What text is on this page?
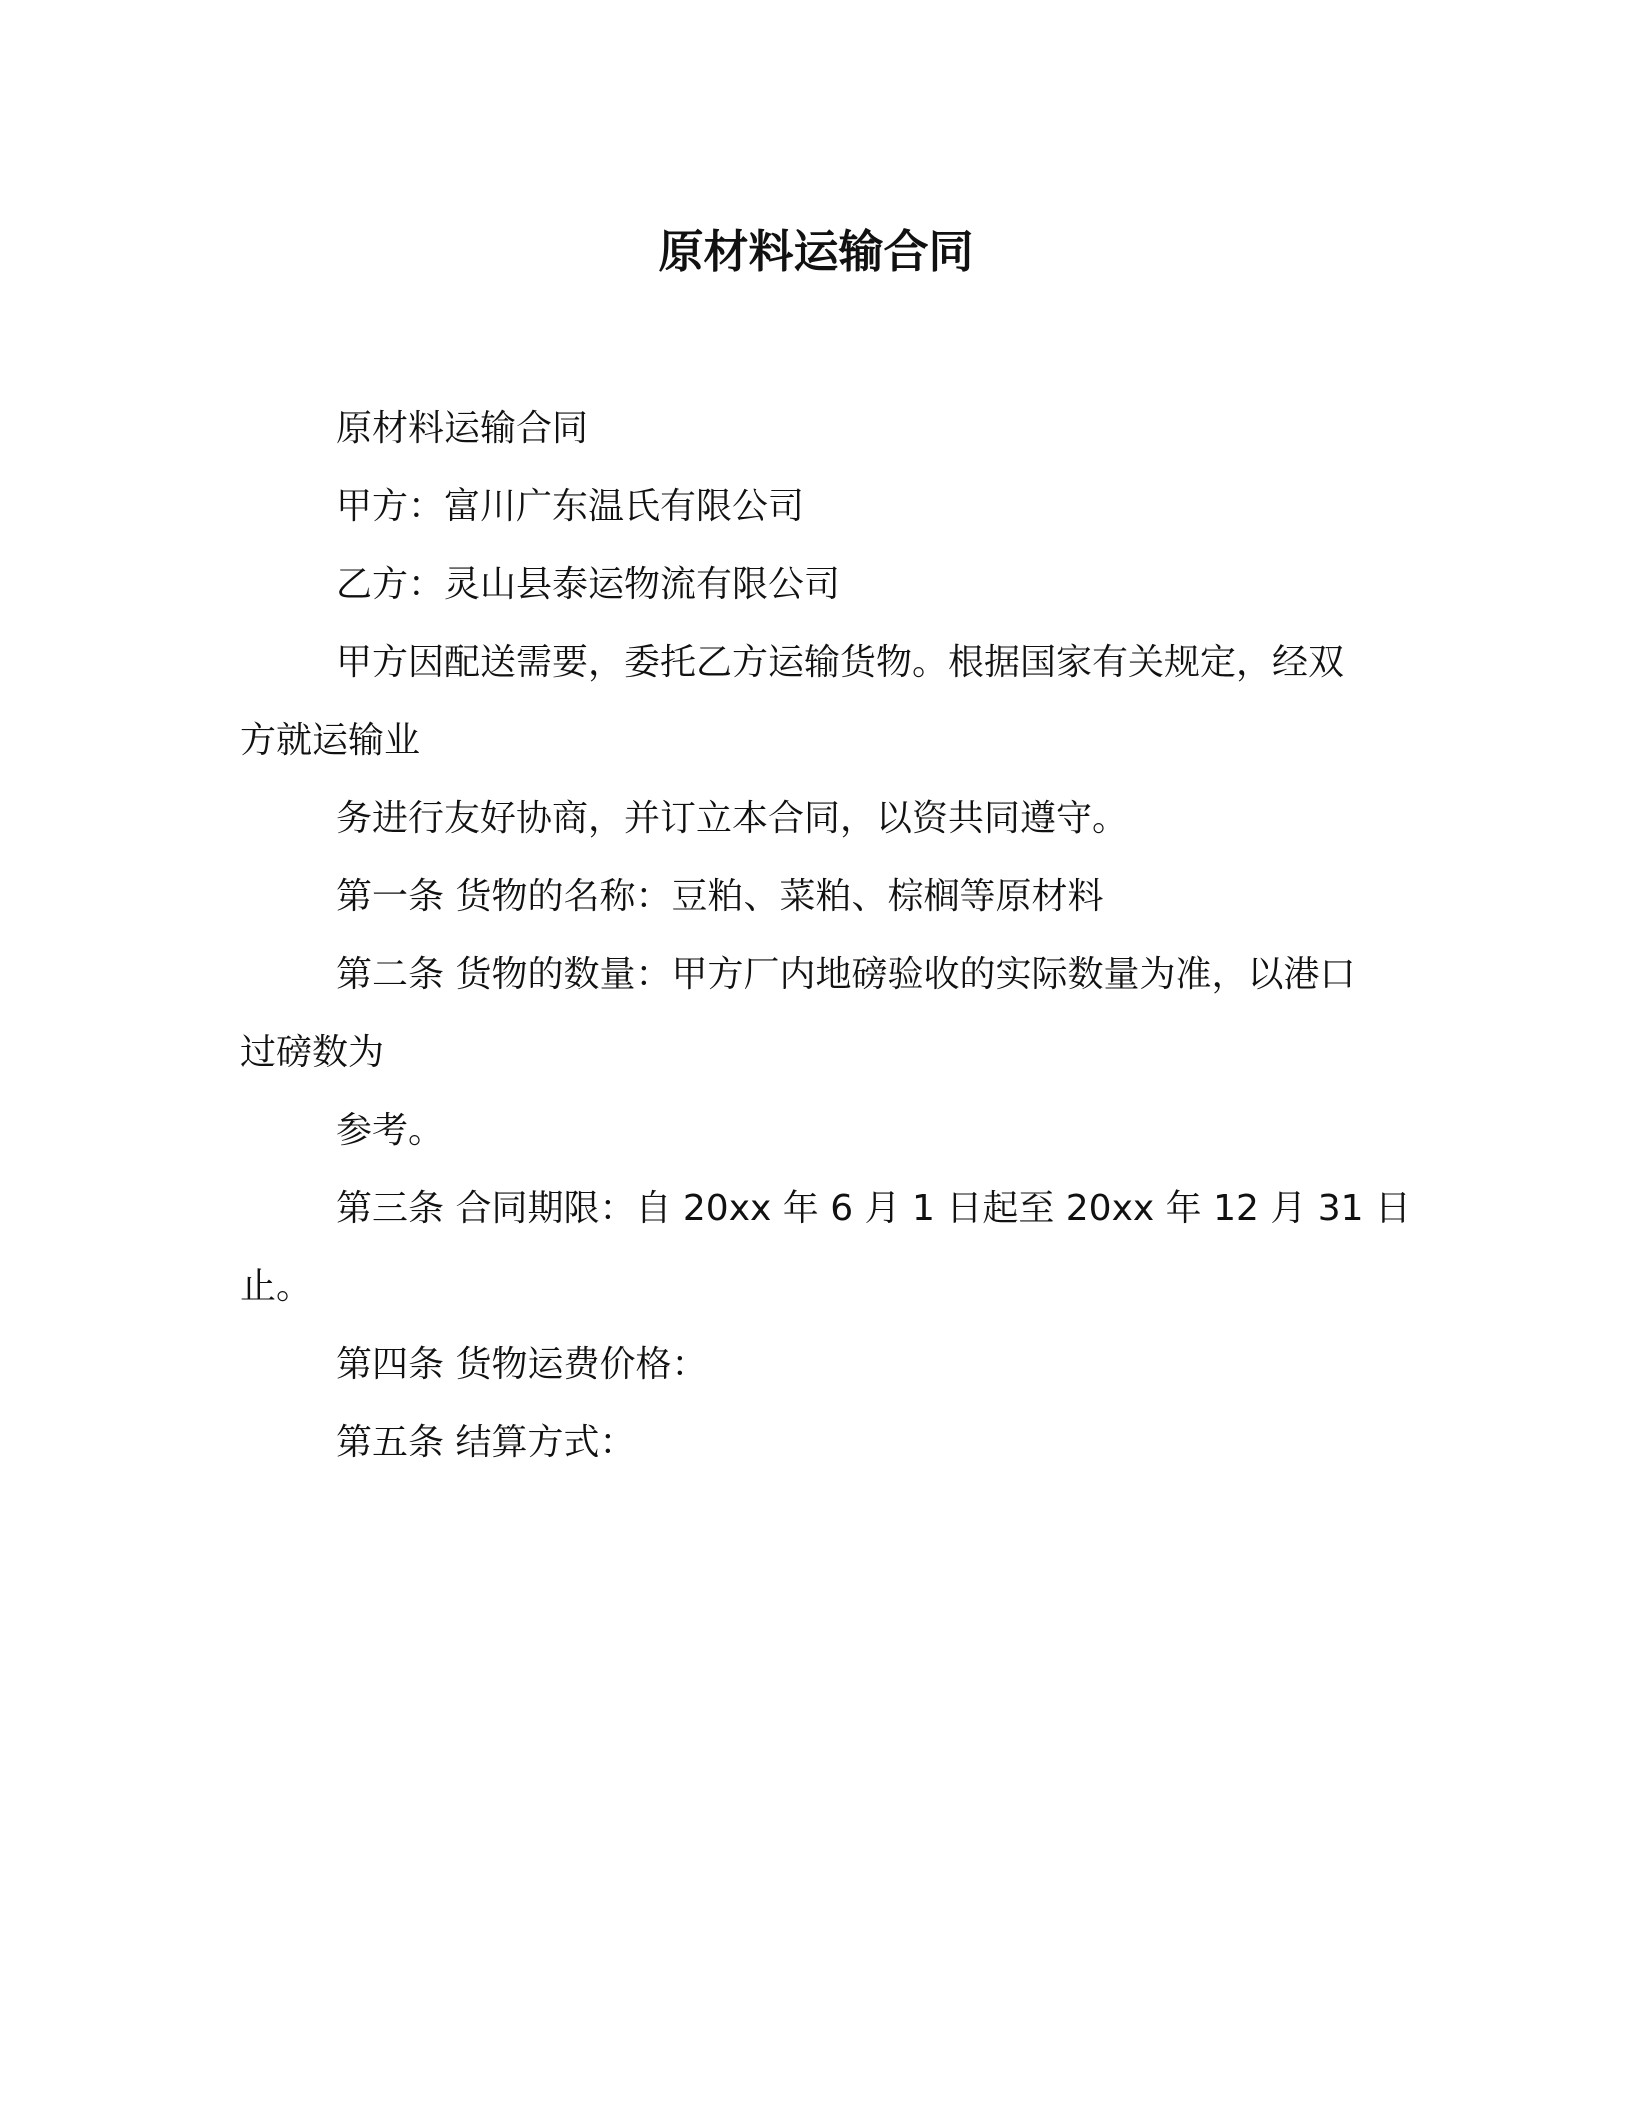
原材料运输合同

原材料运输合同

甲方：富川广东温氏有限公司

乙方：灵山县泰运物流有限公司

甲方因配送需要，委托乙方运输货物。根据国家有关规定，经双
方就运输业

务进行友好协商，并订立本合同，以资共同遵守。

第一条 货物的名称：豆粕、菜粕、棕榈等原材料

第二条 货物的数量：甲方厂内地磅验收的实际数量为准，以港口
过磅数为

参考。

第三条 合同期限：自 20xx 年 6 月 1 日起至 20xx 年 12 月 31 日
止。

第四条 货物运费价格：

第五条 结算方式：
